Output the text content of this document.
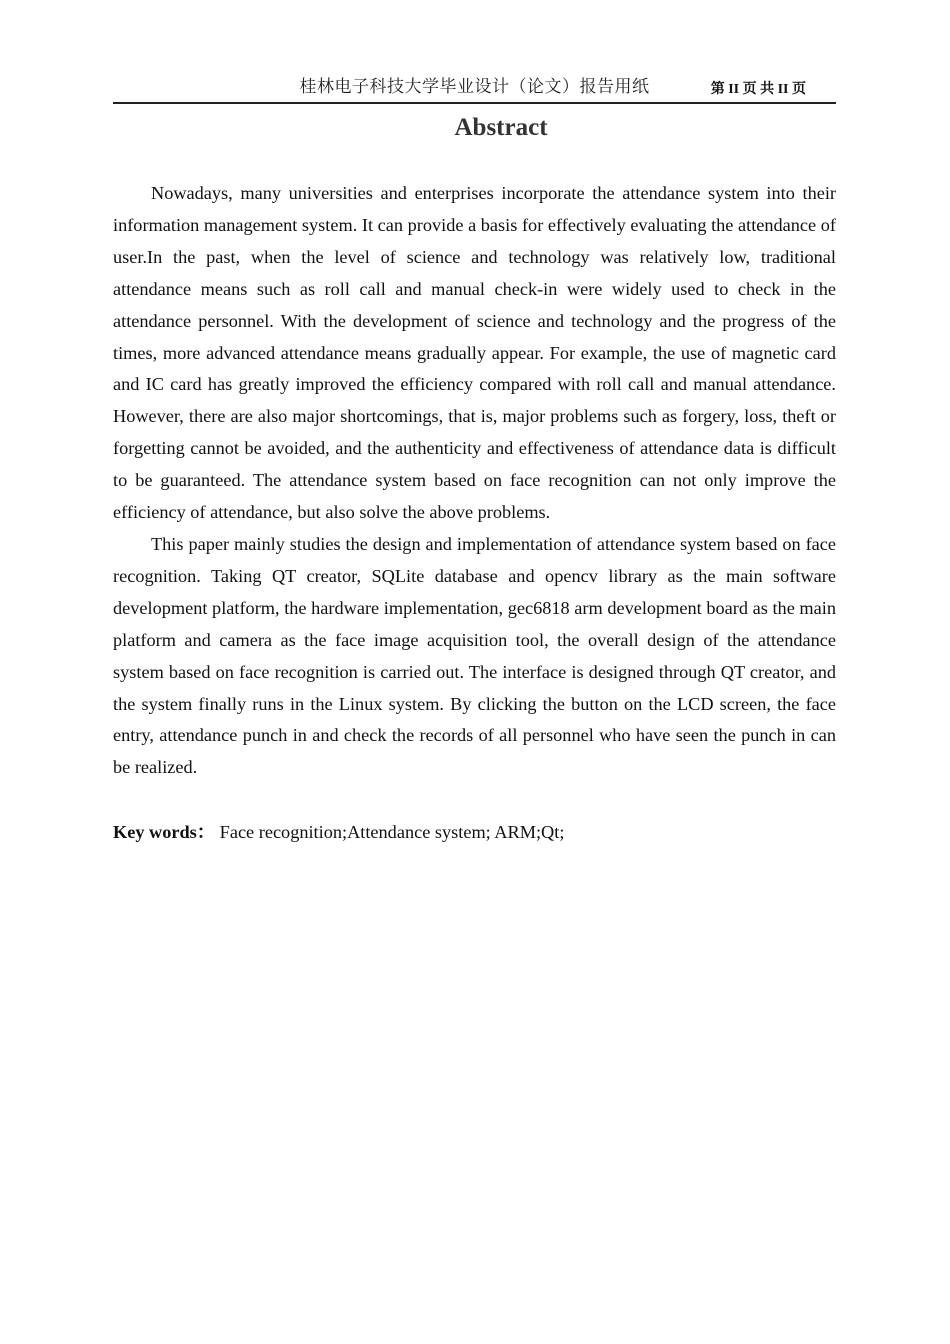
桂林电子科技大学毕业设计（论文）报告用纸	第 II 页 共 II 页
Abstract

Nowadays, many universities and enterprises incorporate the attendance system into their information management system. It can provide a basis for effectively evaluating the attendance of user.In the past, when the level of science and technology was relatively low, traditional attendance means such as roll call and manual check-in were widely used to check in the attendance personnel. With the development of science and technology and the progress of the times, more advanced attendance means gradually appear. For example, the use of magnetic card and IC card has greatly improved the efficiency compared with roll call and manual attendance. However, there are also major shortcomings, that is, major problems such as forgery, loss, theft or forgetting cannot be avoided, and the authenticity and effectiveness of attendance data is difficult to be guaranteed. The attendance system based on face recognition can not only improve the efficiency of attendance, but also solve the above problems.

This paper mainly studies the design and implementation of attendance system based on face recognition. Taking QT creator, SQLite database and opencv library as the main software development platform, the hardware implementation, gec6818 arm development board as the main platform and camera as the face image acquisition tool, the overall design of the attendance system based on face recognition is carried out. The interface is designed through QT creator, and the system finally runs in the Linux system. By clicking the button on the LCD screen, the face entry, attendance punch in and check the records of all personnel who have seen the punch in can be realized.

Key words： Face recognition;Attendance system; ARM;Qt;
